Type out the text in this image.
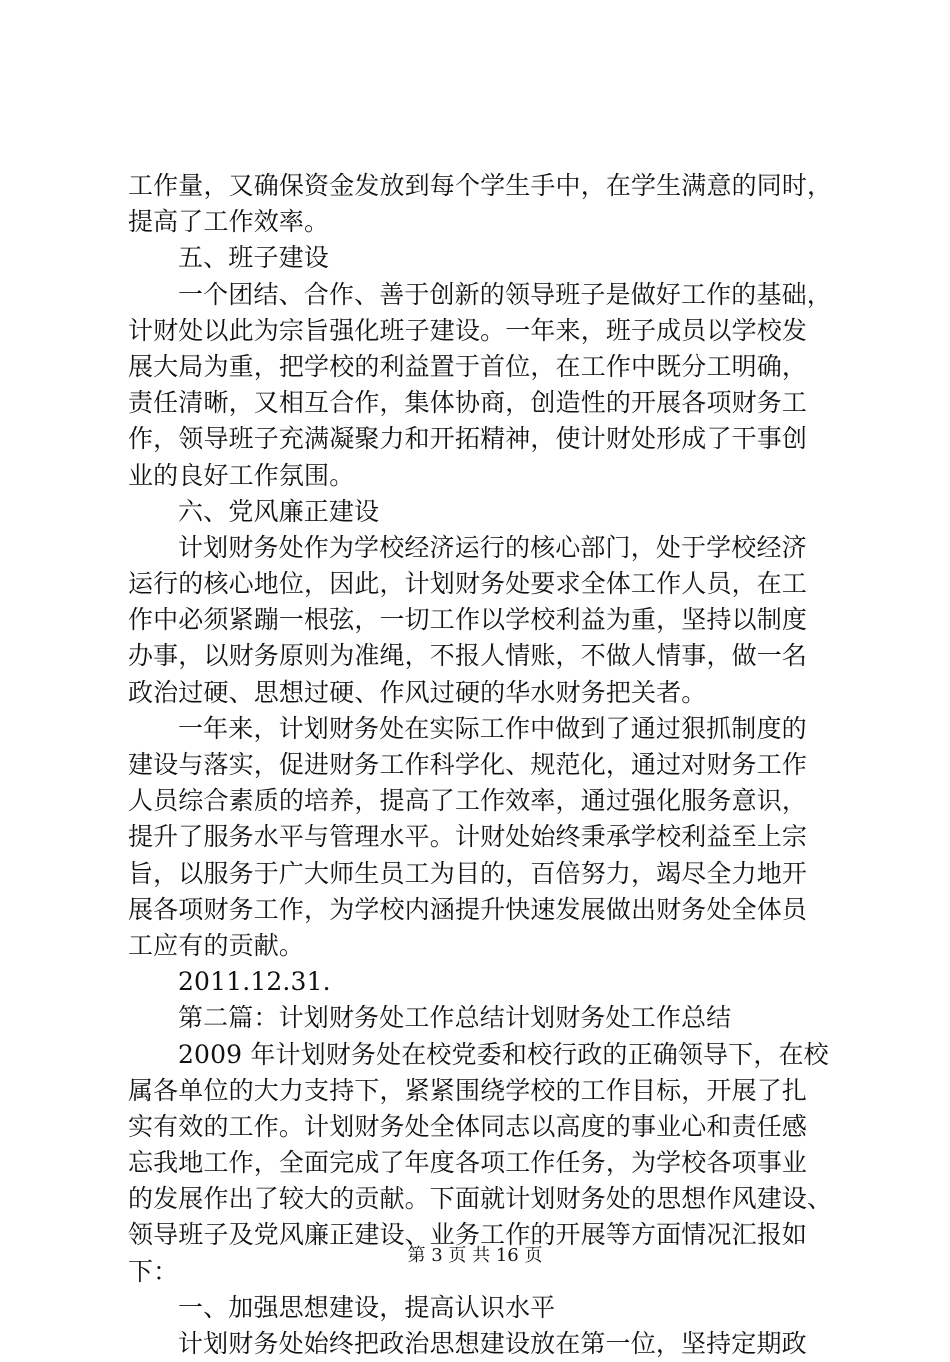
工作量，又确保资金发放到每个学生手中，在学生满意的同时，
提高了工作效率。
五、班子建设
一个团结、合作、善于创新的领导班子是做好工作的基础，
计财处以此为宗旨强化班子建设。一年来，班子成员以学校发
展大局为重，把学校的利益置于首位，在工作中既分工明确，
责任清晰，又相互合作，集体协商，创造性的开展各项财务工
作，领导班子充满凝聚力和开拓精神，使计财处形成了干事创
业的良好工作氛围。
六、党风廉正建设
计划财务处作为学校经济运行的核心部门，处于学校经济
运行的核心地位，因此，计划财务处要求全体工作人员，在工
作中必须紧蹦一根弦，一切工作以学校利益为重，坚持以制度
办事，以财务原则为准绳，不报人情账，不做人情事，做一名
政治过硬、思想过硬、作风过硬的华水财务把关者。
一年来，计划财务处在实际工作中做到了通过狠抓制度的
建设与落实，促进财务工作科学化、规范化，通过对财务工作
人员综合素质的培养，提高了工作效率，通过强化服务意识，
提升了服务水平与管理水平。计财处始终秉承学校利益至上宗
旨，以服务于广大师生员工为目的，百倍努力，竭尽全力地开
展各项财务工作，为学校内涵提升快速发展做出财务处全体员
工应有的贡献。
2011.12.31.
第二篇：计划财务处工作总结计划财务处工作总结
2009 年计划财务处在校党委和校行政的正确领导下，在校
属各单位的大力支持下，紧紧围绕学校的工作目标，开展了扎
实有效的工作。计划财务处全体同志以高度的事业心和责任感
忘我地工作，全面完成了年度各项工作任务，为学校各项事业
的发展作出了较大的贡献。下面就计划财务处的思想作风建设、
领导班子及党风廉正建设、业务工作的开展等方面情况汇报如
下：
一、加强思想建设，提高认识水平
计划财务处始终把政治思想建设放在第一位，坚持定期政
第 3 页 共 16 页
